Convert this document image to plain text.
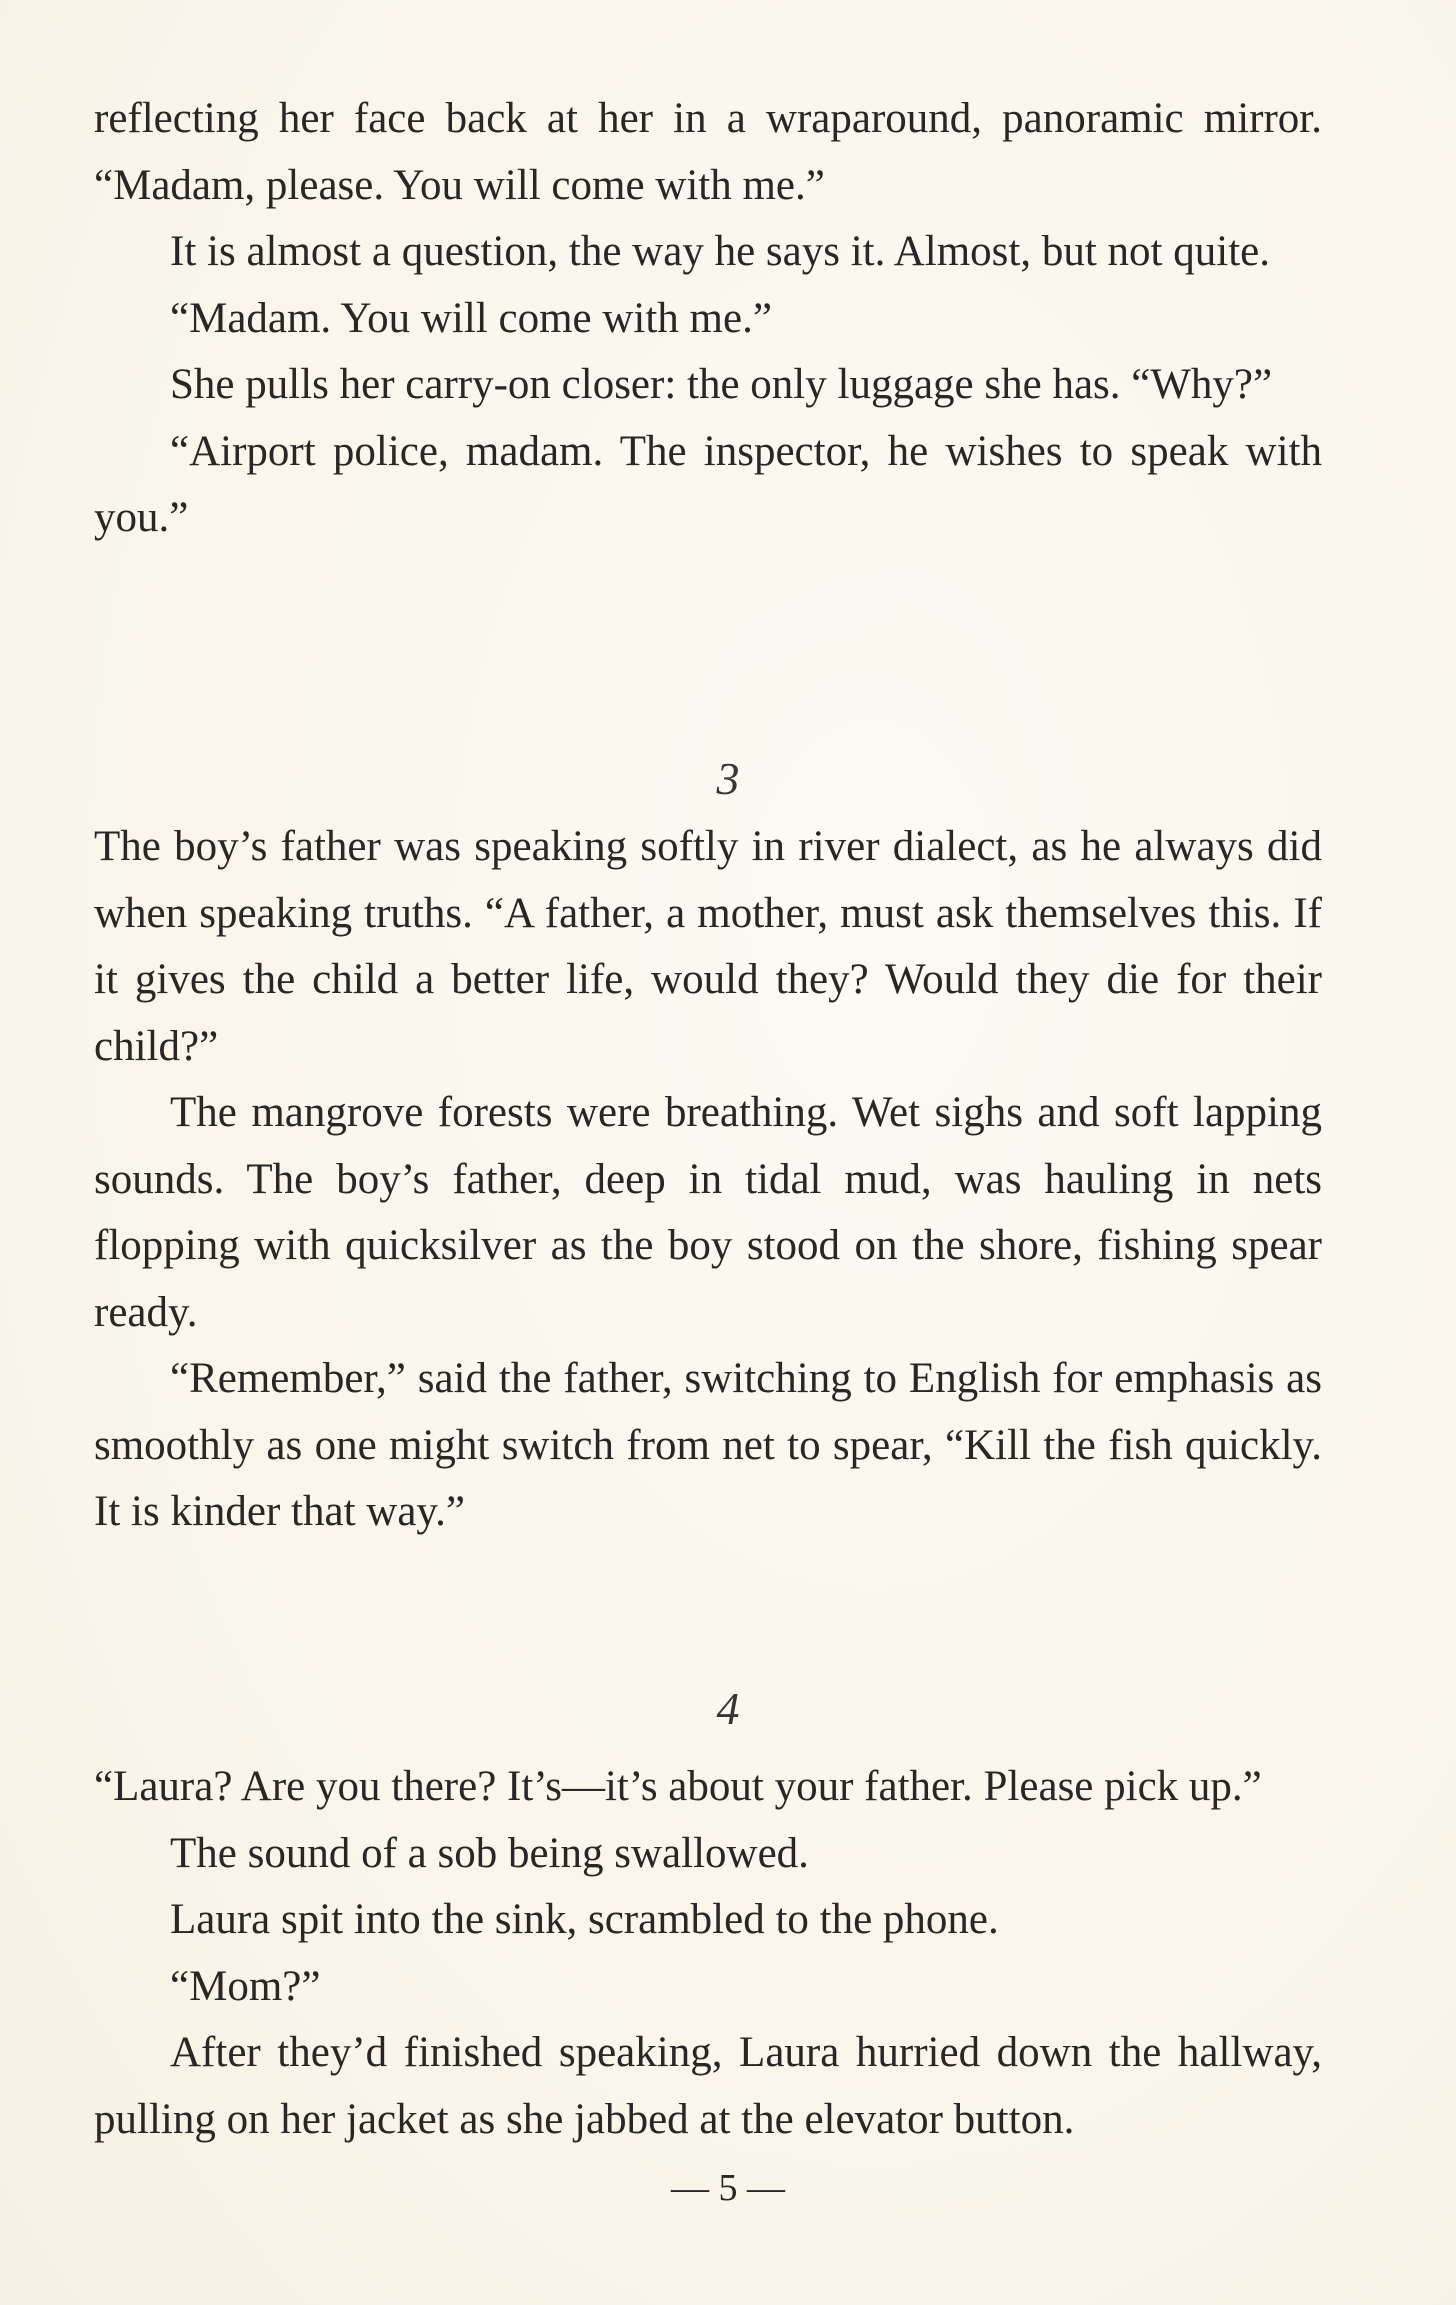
reflecting her face back at her in a wraparound, panoramic mirror. “Madam, please. You will come with me.”

It is almost a question, the way he says it. Almost, but not quite.

“Madam. You will come with me.”

She pulls her carry-on closer: the only luggage she has. “Why?”

“Airport police, madam. The inspector, he wishes to speak with you.”

3

The boy’s father was speaking softly in river dialect, as he always did when speaking truths. “A father, a mother, must ask themselves this. If it gives the child a better life, would they? Would they die for their child?”

The mangrove forests were breathing. Wet sighs and soft lapping sounds. The boy’s father, deep in tidal mud, was hauling in nets flopping with quicksilver as the boy stood on the shore, fishing spear ready.

“Remember,” said the father, switching to English for emphasis as smoothly as one might switch from net to spear, “Kill the fish quickly. It is kinder that way.”

4

“Laura? Are you there? It’s—it’s about your father. Please pick up.”

The sound of a sob being swallowed.

Laura spit into the sink, scrambled to the phone.

“Mom?”

After they’d finished speaking, Laura hurried down the hallway, pulling on her jacket as she jabbed at the elevator button.

— 5 —
